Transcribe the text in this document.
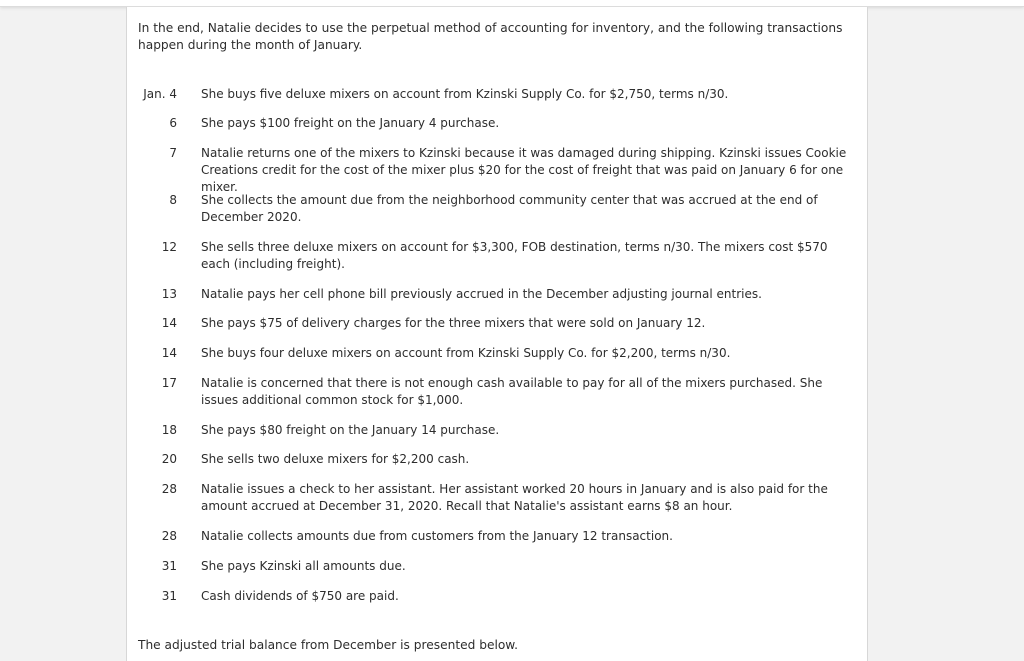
In the end, Natalie decides to use the perpetual method of accounting for inventory, and the following transactions happen during the month of January.

Jan. 4 She buys five deluxe mixers on account from Kzinski Supply Co. for $2,750, terms n/30.
6 She pays $100 freight on the January 4 purchase.
7 Natalie returns one of the mixers to Kzinski because it was damaged during shipping. Kzinski issues Cookie Creations credit for the cost of the mixer plus $20 for the cost of freight that was paid on January 6 for one mixer.
8 She collects the amount due from the neighborhood community center that was accrued at the end of December 2020.
12 She sells three deluxe mixers on account for $3,300, FOB destination, terms n/30. The mixers cost $570 each (including freight).
13 Natalie pays her cell phone bill previously accrued in the December adjusting journal entries.
14 She pays $75 of delivery charges for the three mixers that were sold on January 12.
14 She buys four deluxe mixers on account from Kzinski Supply Co. for $2,200, terms n/30.
17 Natalie is concerned that there is not enough cash available to pay for all of the mixers purchased. She issues additional common stock for $1,000.
18 She pays $80 freight on the January 14 purchase.
20 She sells two deluxe mixers for $2,200 cash.
28 Natalie issues a check to her assistant. Her assistant worked 20 hours in January and is also paid for the amount accrued at December 31, 2020. Recall that Natalie's assistant earns $8 an hour.
28 Natalie collects amounts due from customers from the January 12 transaction.
31 She pays Kzinski all amounts due.
31 Cash dividends of $750 are paid.

The adjusted trial balance from December is presented below.
